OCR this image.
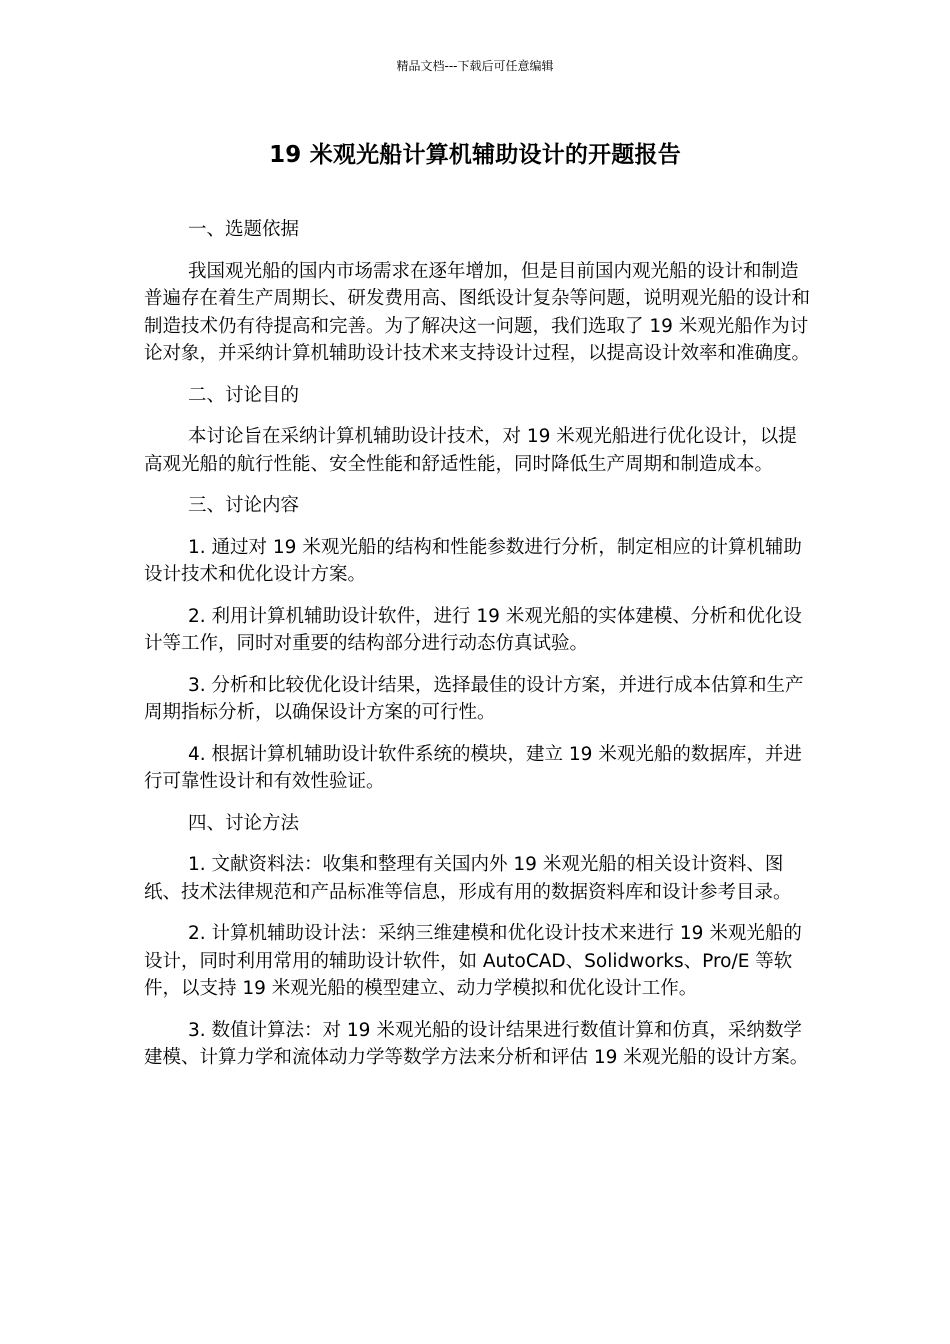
精品文档---下载后可任意编辑
19 米观光船计算机辅助设计的开题报告

一、选题依据

我国观光船的国内市场需求在逐年增加，但是目前国内观光船的设计和制造普遍存在着生产周期长、研发费用高、图纸设计复杂等问题，说明观光船的设计和制造技术仍有待提高和完善。为了解决这一问题，我们选取了 19 米观光船作为讨论对象，并采纳计算机辅助设计技术来支持设计过程，以提高设计效率和准确度。

二、讨论目的

本讨论旨在采纳计算机辅助设计技术，对 19 米观光船进行优化设计，以提高观光船的航行性能、安全性能和舒适性能，同时降低生产周期和制造成本。

三、讨论内容

1. 通过对 19 米观光船的结构和性能参数进行分析，制定相应的计算机辅助设计技术和优化设计方案。

2. 利用计算机辅助设计软件，进行 19 米观光船的实体建模、分析和优化设计等工作，同时对重要的结构部分进行动态仿真试验。

3. 分析和比较优化设计结果，选择最佳的设计方案，并进行成本估算和生产周期指标分析，以确保设计方案的可行性。

4. 根据计算机辅助设计软件系统的模块，建立 19 米观光船的数据库，并进行可靠性设计和有效性验证。

四、讨论方法

1. 文献资料法：收集和整理有关国内外 19 米观光船的相关设计资料、图纸、技术法律规范和产品标准等信息，形成有用的数据资料库和设计参考目录。

2. 计算机辅助设计法：采纳三维建模和优化设计技术来进行 19 米观光船的设计，同时利用常用的辅助设计软件，如 AutoCAD、Solidworks、Pro/E 等软件，以支持 19 米观光船的模型建立、动力学模拟和优化设计工作。

3. 数值计算法：对 19 米观光船的设计结果进行数值计算和仿真，采纳数学建模、计算力学和流体动力学等数学方法来分析和评估 19 米观光船的设计方案。
